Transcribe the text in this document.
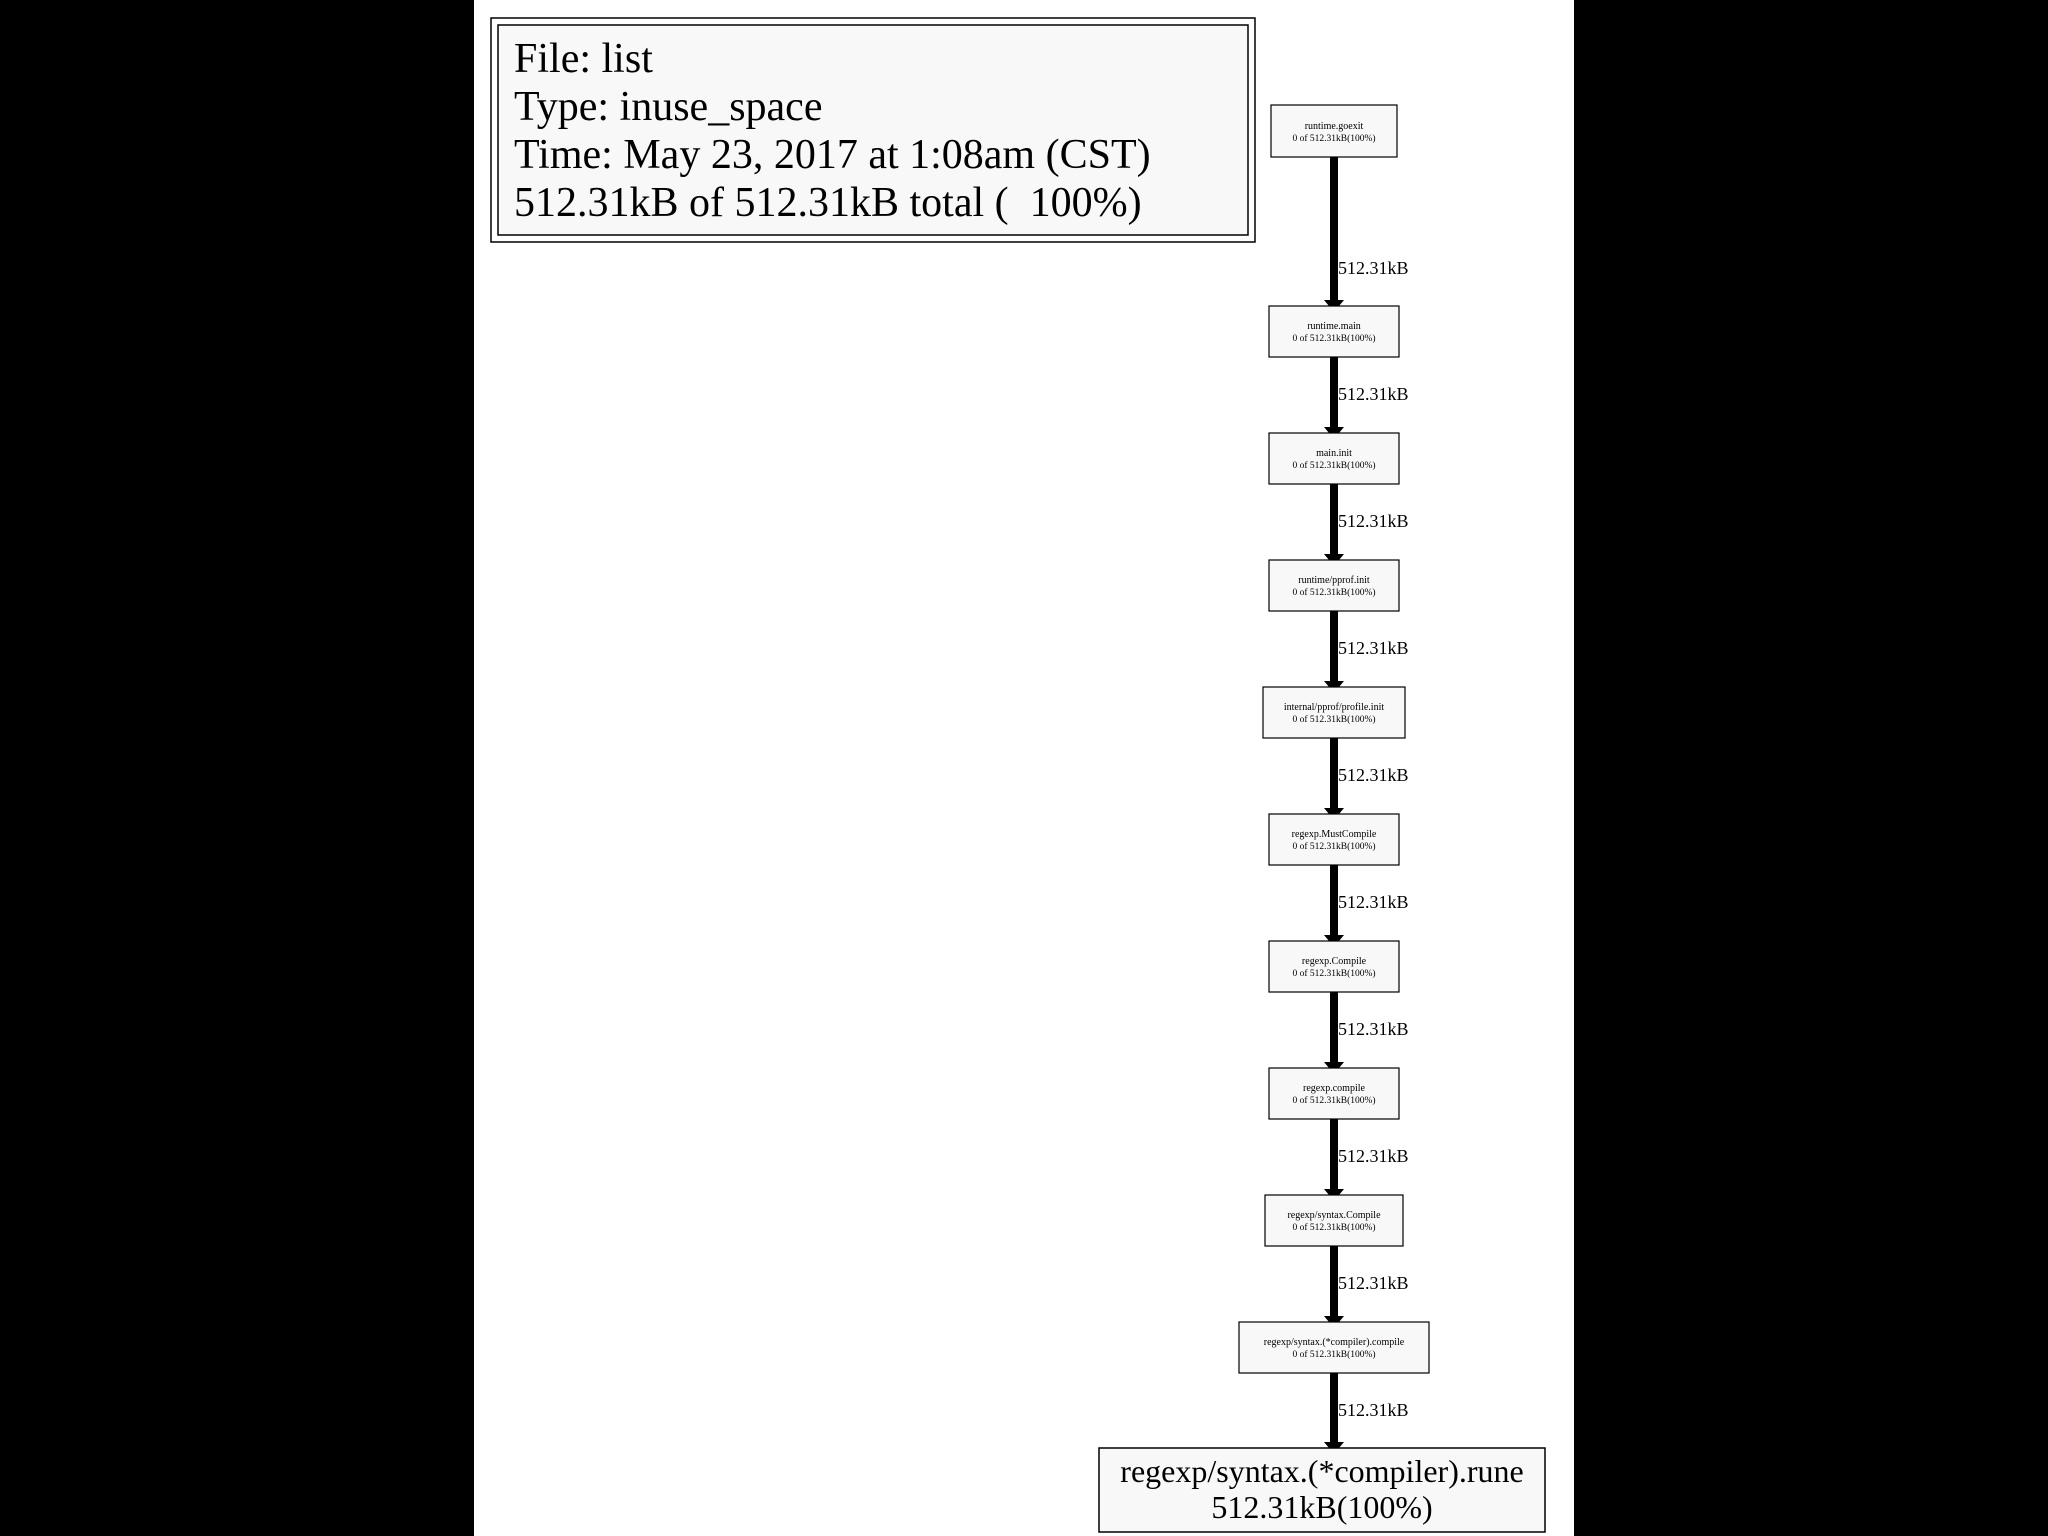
File: list
Type: inuse_space
Time: May 23, 2017 at 1:08am (CST)
512.31kB of 512.31kB total (  100%)
512.31kB
512.31kB
512.31kB
512.31kB
512.31kB
512.31kB
512.31kB
512.31kB
512.31kB
512.31kB
runtime.goexit
0 of 512.31kB(100%)
runtime.main
0 of 512.31kB(100%)
main.init
0 of 512.31kB(100%)
runtime/pprof.init
0 of 512.31kB(100%)
internal/pprof/profile.init
0 of 512.31kB(100%)
regexp.MustCompile
0 of 512.31kB(100%)
regexp.Compile
0 of 512.31kB(100%)
regexp.compile
0 of 512.31kB(100%)
regexp/syntax.Compile
0 of 512.31kB(100%)
regexp/syntax.(*compiler).compile
0 of 512.31kB(100%)
regexp/syntax.(*compiler).rune
512.31kB(100%)
